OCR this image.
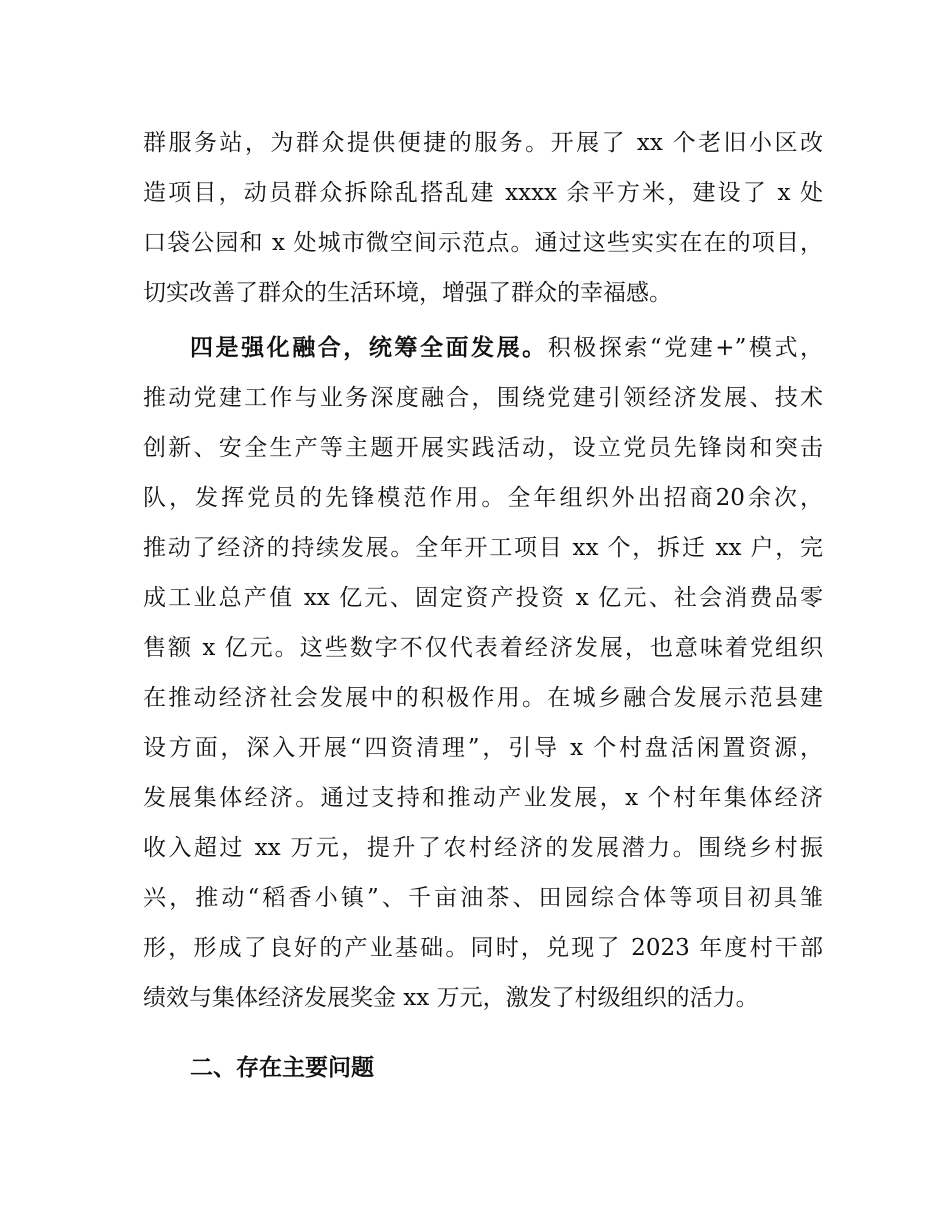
群服务站，为群众提供便捷的服务。开展了 xx 个老旧小区改
造项目，动员群众拆除乱搭乱建 xxxx 余平方米，建设了 x 处
口袋公园和 x 处城市微空间示范点。通过这些实实在在的项目，
切实改善了群众的生活环境，增强了群众的幸福感。
四是强化融合，统筹全面发展。积极探索“党建+”模式，
推动党建工作与业务深度融合，围绕党建引领经济发展、技术
创新、安全生产等主题开展实践活动，设立党员先锋岗和突击
队，发挥党员的先锋模范作用。全年组织外出招商20余次，
推动了经济的持续发展。全年开工项目 xx 个，拆迁 xx 户，完
成工业总产值 xx 亿元、固定资产投资 x 亿元、社会消费品零
售额 x 亿元。这些数字不仅代表着经济发展，也意味着党组织
在推动经济社会发展中的积极作用。在城乡融合发展示范县建
设方面，深入开展“四资清理”，引导 x 个村盘活闲置资源，
发展集体经济。通过支持和推动产业发展，x 个村年集体经济
收入超过 xx 万元，提升了农村经济的发展潜力。围绕乡村振
兴，推动“稻香小镇”、千亩油茶、田园综合体等项目初具雏
形，形成了良好的产业基础。同时，兑现了 2023 年度村干部
绩效与集体经济发展奖金 xx 万元，激发了村级组织的活力。
二、存在主要问题
